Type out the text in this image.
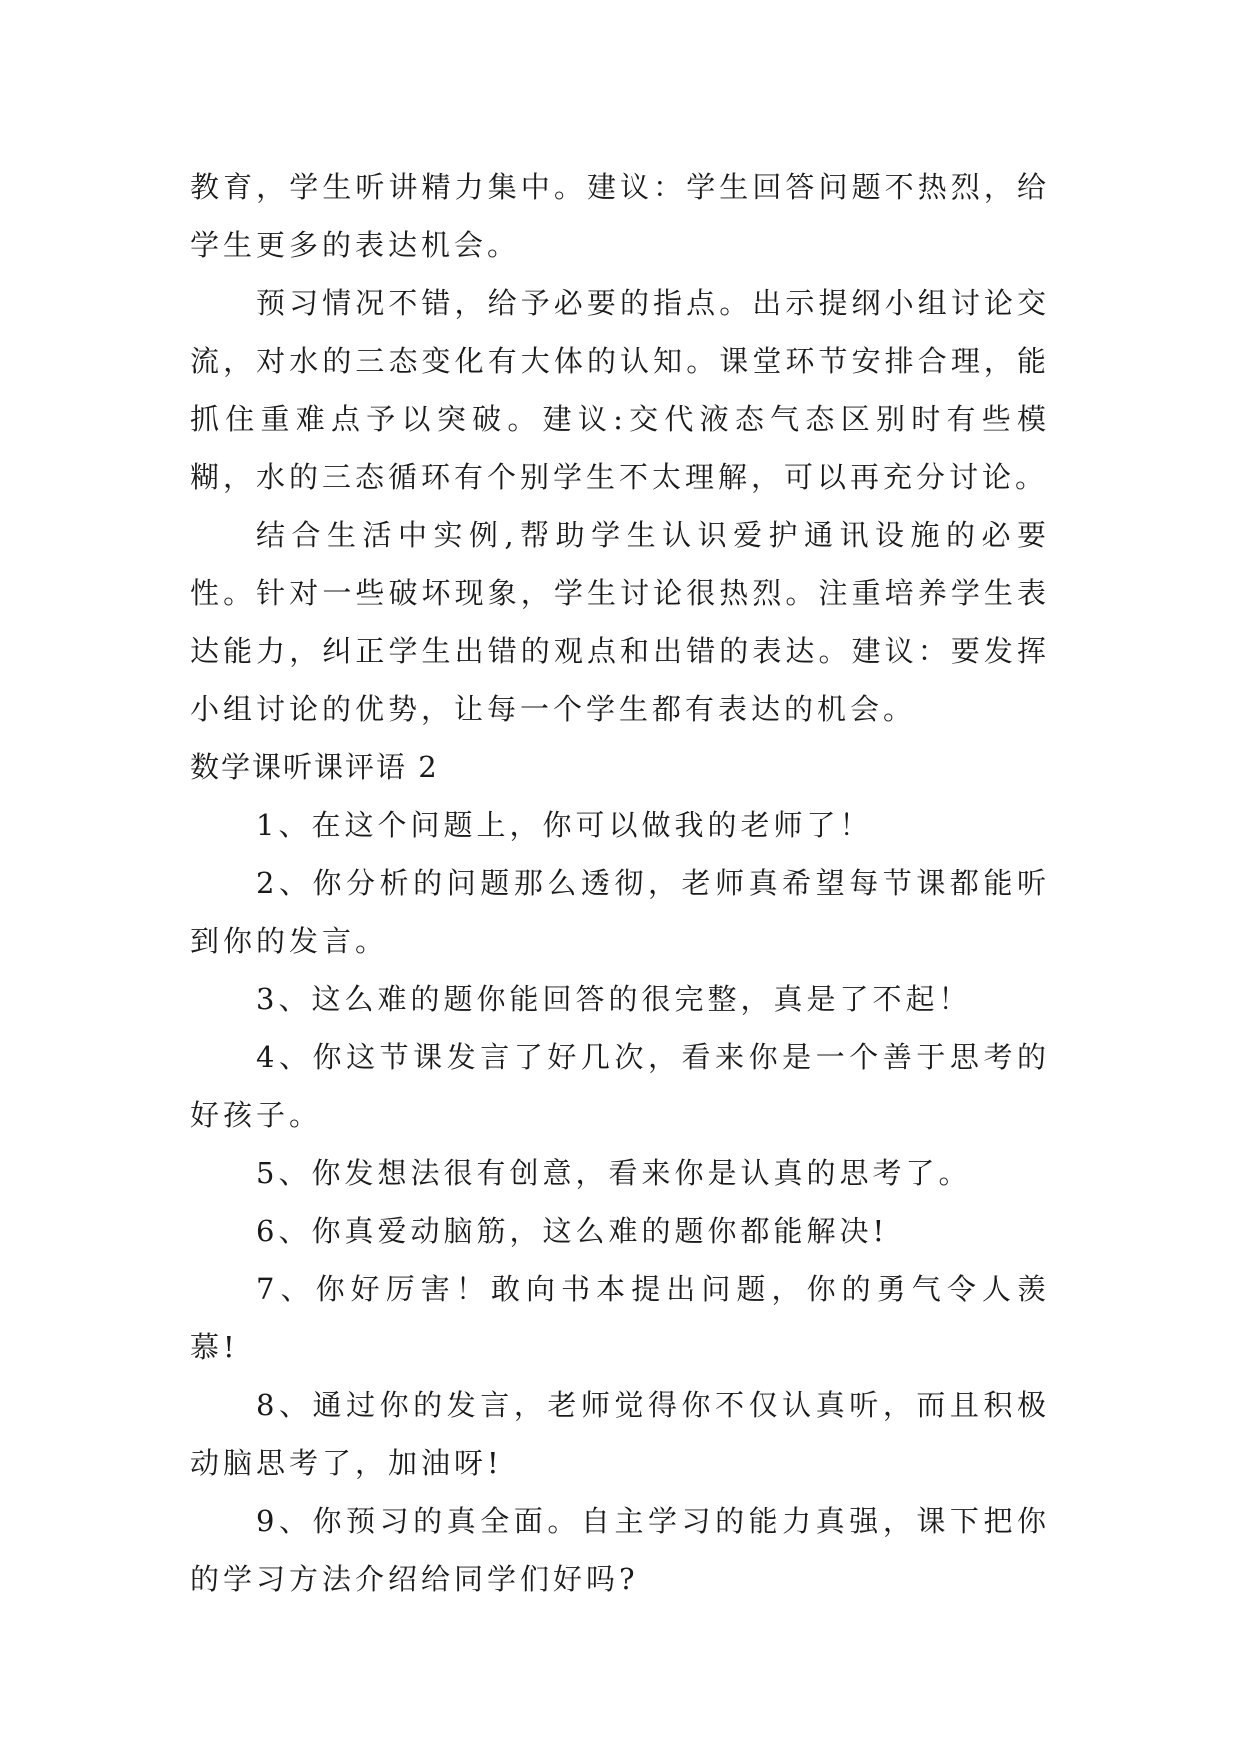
教育，学生听讲精力集中。建议：学生回答问题不热烈，给学生更多的表达机会。

预习情况不错，给予必要的指点。出示提纲小组讨论交流，对水的三态变化有大体的认知。课堂环节安排合理，能抓住重难点予以突破。建议:交代液态气态区别时有些模糊，水的三态循环有个别学生不太理解，可以再充分讨论。

结合生活中实例,帮助学生认识爱护通讯设施的必要性。针对一些破坏现象，学生讨论很热烈。注重培养学生表达能力，纠正学生出错的观点和出错的表达。建议：要发挥小组讨论的优势，让每一个学生都有表达的机会。

数学课听课评语 2

1、在这个问题上，你可以做我的老师了！

2、你分析的问题那么透彻，老师真希望每节课都能听到你的发言。

3、这么难的题你能回答的很完整，真是了不起！

4、你这节课发言了好几次，看来你是一个善于思考的好孩子。

5、你发想法很有创意，看来你是认真的思考了。

6、你真爱动脑筋，这么难的题你都能解决!

7、你好厉害！敢向书本提出问题，你的勇气令人羡慕!

8、通过你的发言，老师觉得你不仅认真听，而且积极动脑思考了，加油呀!

9、你预习的真全面。自主学习的能力真强，课下把你的学习方法介绍给同学们好吗?
